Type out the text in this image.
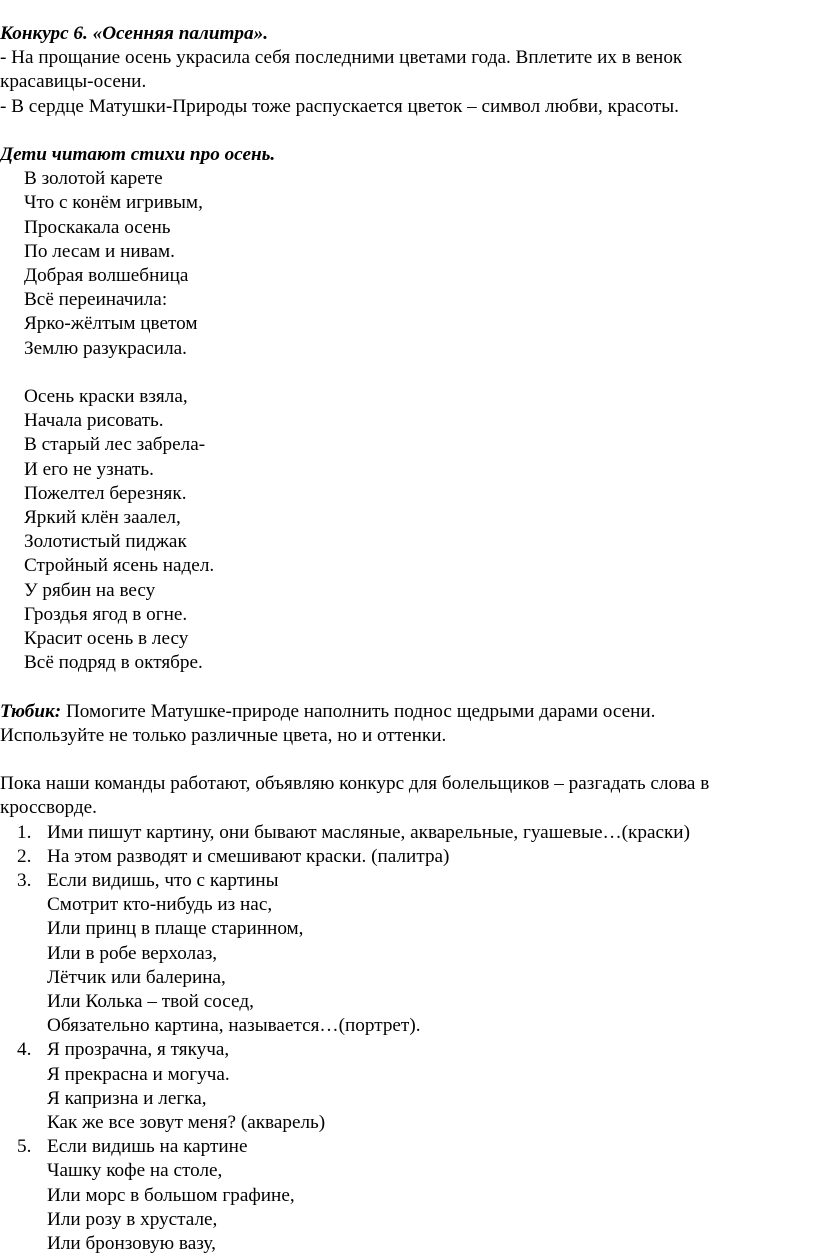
Конкурс 6. «Осенняя палитра».
- На прощание осень украсила себя последними цветами года. Вплетите их в венок
красавицы-осени.
- В сердце Матушки-Природы тоже распускается цветок – символ любви, красоты.
Дети читают стихи про осень.
В золотой карете
Что с конём игривым,
Проскакала осень
По лесам и нивам.
Добрая волшебница
Всё переиначила:
Ярко-жёлтым цветом
Землю разукрасила.
Осень краски взяла,
Начала рисовать.
В старый лес забрела-
И его не узнать.
Пожелтел березняк.
Яркий клён заалел,
Золотистый пиджак
Стройный ясень надел.
У рябин на весу
Гроздья ягод в огне.
Красит осень в лесу
Всё подряд в октябре.
Тюбик: Помогите Матушке-природе наполнить поднос щедрыми дарами осени.
Используйте не только различные цвета, но и оттенки.
Пока наши команды работают, объявляю конкурс для болельщиков – разгадать слова в
кроссворде.
1. Ими пишут картину, они бывают масляные, акварельные, гуашевые…(краски)
2. На этом разводят и смешивают краски. (палитра)
3. Если видишь, что с картины
Смотрит кто-нибудь из нас,
Или принц в плаще старинном,
Или в робе верхолаз,
Лётчик или балерина,
Или Колька – твой сосед,
Обязательно картина, называется…(портрет).
4. Я прозрачна, я тякуча,
Я прекрасна и могуча.
Я капризна и легка,
Как же все зовут меня? (акварель)
5. Если видишь на картине
Чашку кофе на столе,
Или морс в большом графине,
Или розу в хрустале,
Или бронзовую вазу,
